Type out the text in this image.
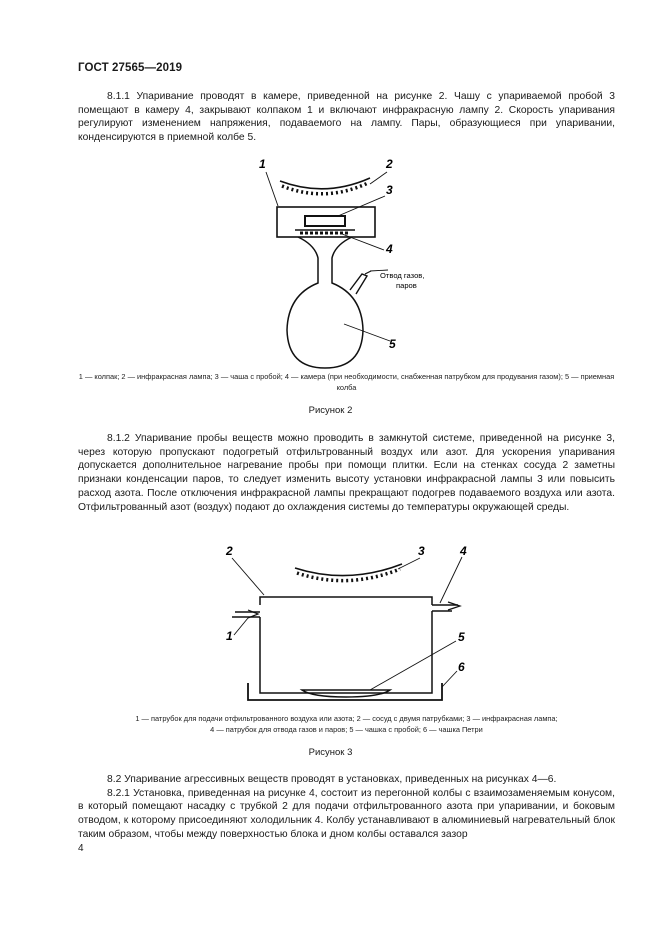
ГОСТ 27565—2019

8.1.1 Упаривание проводят в камере, приведенной на рисунке 2. Чашу с упариваемой пробой 3 помещают в камеру 4, закрывают колпаком 1 и включают инфракрасную лампу 2. Скорость упаривания регулируют изменением напряжения, подаваемого на лампу. Пары, образующиеся при упаривании, конденсируются в приемной колбе 5.

1	2
3
4
5
Отвод газов,
паров
1 — колпак; 2 — инфракрасная лампа; 3 — чаша с пробой; 4 — камера (при необходимости, снабженная патрубком для продувания газом); 5 — приемная колба
Рисунок 2

8.1.2 Упаривание пробы веществ можно проводить в замкнутой системе, приведенной на рисунке 3, через которую пропускают подогретый отфильтрованный воздух или азот. Для ускорения упаривания допускается дополнительное нагревание пробы при помощи плитки. Если на стенках сосуда 2 заметны признаки конденсации паров, то следует изменить высоту установки инфракрасной лампы 3 или повысить расход азота. После отключения инфракрасной лампы прекращают подогрев подаваемого воздуха или азота. Отфильтрованный азот (воздух) подают до охлаждения системы до температуры окружающей среды.

2	3	4
1	5
6
1 — патрубок для подачи отфильтрованного воздуха или азота; 2 — сосуд с двумя патрубками; 3 — инфракрасная лампа;
4 — патрубок для отвода газов и паров; 5 — чашка с пробой; 6 — чашка Петри
Рисунок 3

8.2 Упаривание агрессивных веществ проводят в установках, приведенных на рисунках 4—6.

8.2.1 Установка, приведенная на рисунке 4, состоит из перегонной колбы с взаимозаменяемым конусом, в который помещают насадку с трубкой 2 для подачи отфильтрованного азота при упаривании, и боковым отводом, к которому присоединяют холодильник 4. Колбу устанавливают в алюминиевый нагревательный блок таким образом, чтобы между поверхностью блока и дном колбы оставался зазор

4
